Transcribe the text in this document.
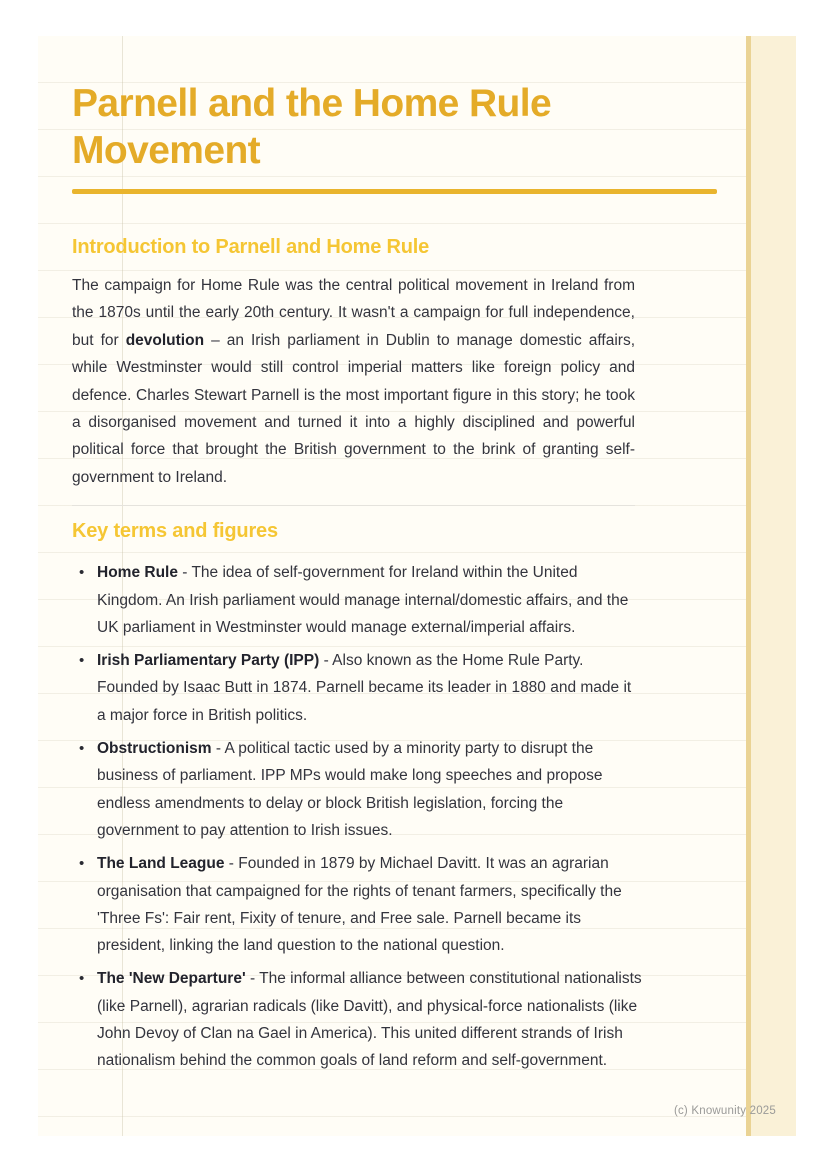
Parnell and the Home Rule Movement
Introduction to Parnell and Home Rule

The campaign for Home Rule was the central political movement in Ireland from the 1870s until the early 20th century. It wasn't a campaign for full independence, but for devolution – an Irish parliament in Dublin to manage domestic affairs, while Westminster would still control imperial matters like foreign policy and defence. Charles Stewart Parnell is the most important figure in this story; he took a disorganised movement and turned it into a highly disciplined and powerful political force that brought the British government to the brink of granting self-government to Ireland.

Key terms and figures
• Home Rule - The idea of self-government for Ireland within the United Kingdom. An Irish parliament would manage internal/domestic affairs, and the UK parliament in Westminster would manage external/imperial affairs.
• Irish Parliamentary Party (IPP) - Also known as the Home Rule Party. Founded by Isaac Butt in 1874. Parnell became its leader in 1880 and made it a major force in British politics.
• Obstructionism - A political tactic used by a minority party to disrupt the business of parliament. IPP MPs would make long speeches and propose endless amendments to delay or block British legislation, forcing the government to pay attention to Irish issues.
• The Land League - Founded in 1879 by Michael Davitt. It was an agrarian organisation that campaigned for the rights of tenant farmers, specifically the 'Three Fs': Fair rent, Fixity of tenure, and Free sale. Parnell became its president, linking the land question to the national question.
• The 'New Departure' - The informal alliance between constitutional nationalists (like Parnell), agrarian radicals (like Davitt), and physical-force nationalists (like John Devoy of Clan na Gael in America). This united different strands of Irish nationalism behind the common goals of land reform and self-government.
(c) Knowunity 2025
